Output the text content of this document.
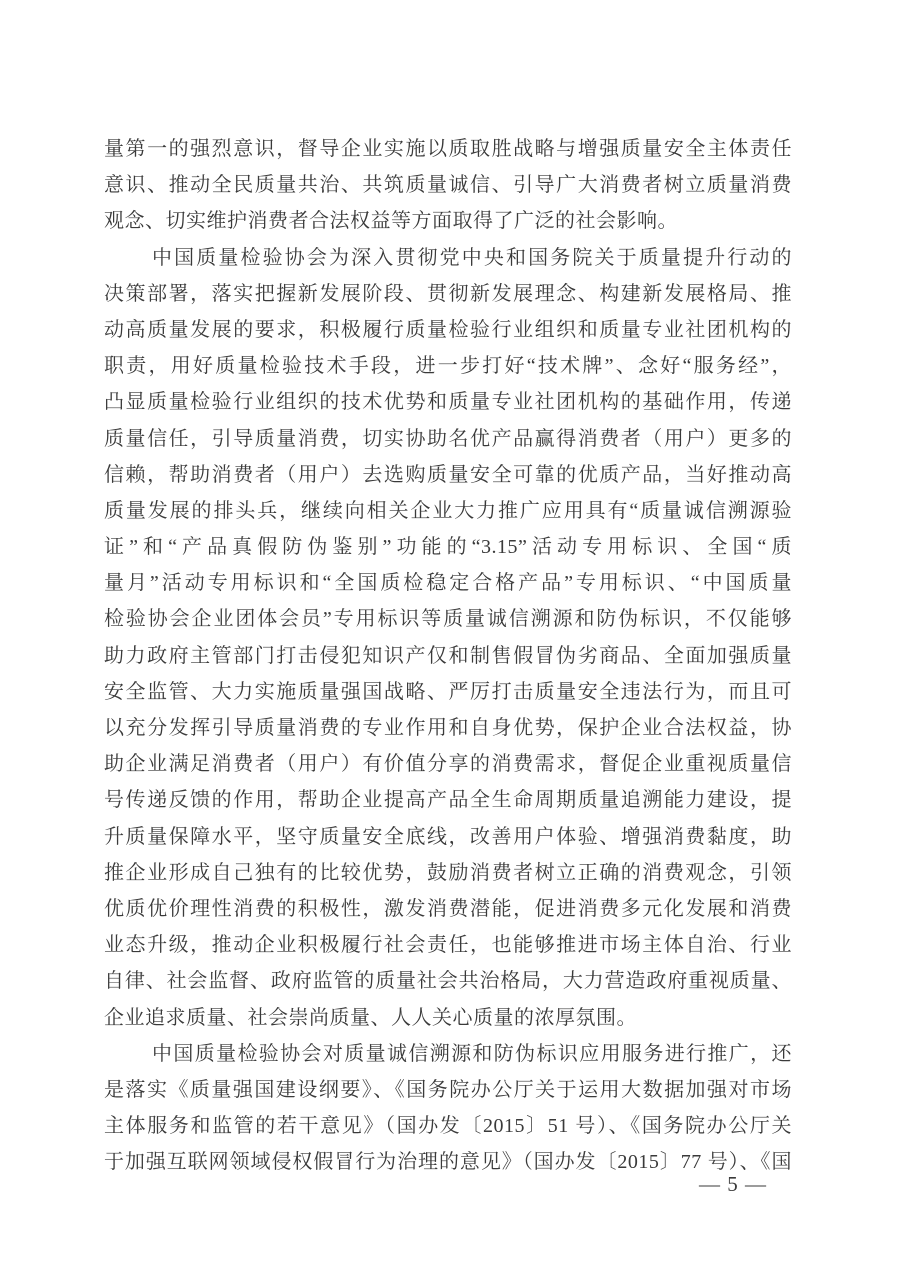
量第一的强烈意识，督导企业实施以质取胜战略与增强质量安全主体责任
意识、推动全民质量共治、共筑质量诚信、引导广大消费者树立质量消费
观念、切实维护消费者合法权益等方面取得了广泛的社会影响。
中国质量检验协会为深入贯彻党中央和国务院关于质量提升行动的
决策部署，落实把握新发展阶段、贯彻新发展理念、构建新发展格局、推
动高质量发展的要求，积极履行质量检验行业组织和质量专业社团机构的
职责，用好质量检验技术手段，进一步打好“技术牌”、念好“服务经”，
凸显质量检验行业组织的技术优势和质量专业社团机构的基础作用，传递
质量信任，引导质量消费，切实协助名优产品赢得消费者（用户）更多的
信赖，帮助消费者（用户）去选购质量安全可靠的优质产品，当好推动高
质量发展的排头兵，继续向相关企业大力推广应用具有“质量诚信溯源验
证”和“产品真假防伪鉴别”功能的“3.15”活动专用标识、全国“质
量月”活动专用标识和“全国质检稳定合格产品”专用标识、“中国质量
检验协会企业团体会员”专用标识等质量诚信溯源和防伪标识，不仅能够
助力政府主管部门打击侵犯知识产仅和制售假冒伪劣商品、全面加强质量
安全监管、大力实施质量强国战略、严厉打击质量安全违法行为，而且可
以充分发挥引导质量消费的专业作用和自身优势，保护企业合法权益，协
助企业满足消费者（用户）有价值分享的消费需求，督促企业重视质量信
号传递反馈的作用，帮助企业提高产品全生命周期质量追溯能力建设，提
升质量保障水平，坚守质量安全底线，改善用户体验、增强消费黏度，助
推企业形成自己独有的比较优势，鼓励消费者树立正确的消费观念，引领
优质优价理性消费的积极性，激发消费潜能，促进消费多元化发展和消费
业态升级，推动企业积极履行社会责任，也能够推进市场主体自治、行业
自律、社会监督、政府监管的质量社会共治格局，大力营造政府重视质量、
企业追求质量、社会崇尚质量、人人关心质量的浓厚氛围。
中国质量检验协会对质量诚信溯源和防伪标识应用服务进行推广，还
是落实《质量强国建设纲要》、《国务院办公厅关于运用大数据加强对市场
主体服务和监管的若干意见》（国办发〔2015〕51 号）、《国务院办公厅关
于加强互联网领域侵权假冒行为治理的意见》（国办发〔2015〕77 号）、《国
— 5 —
